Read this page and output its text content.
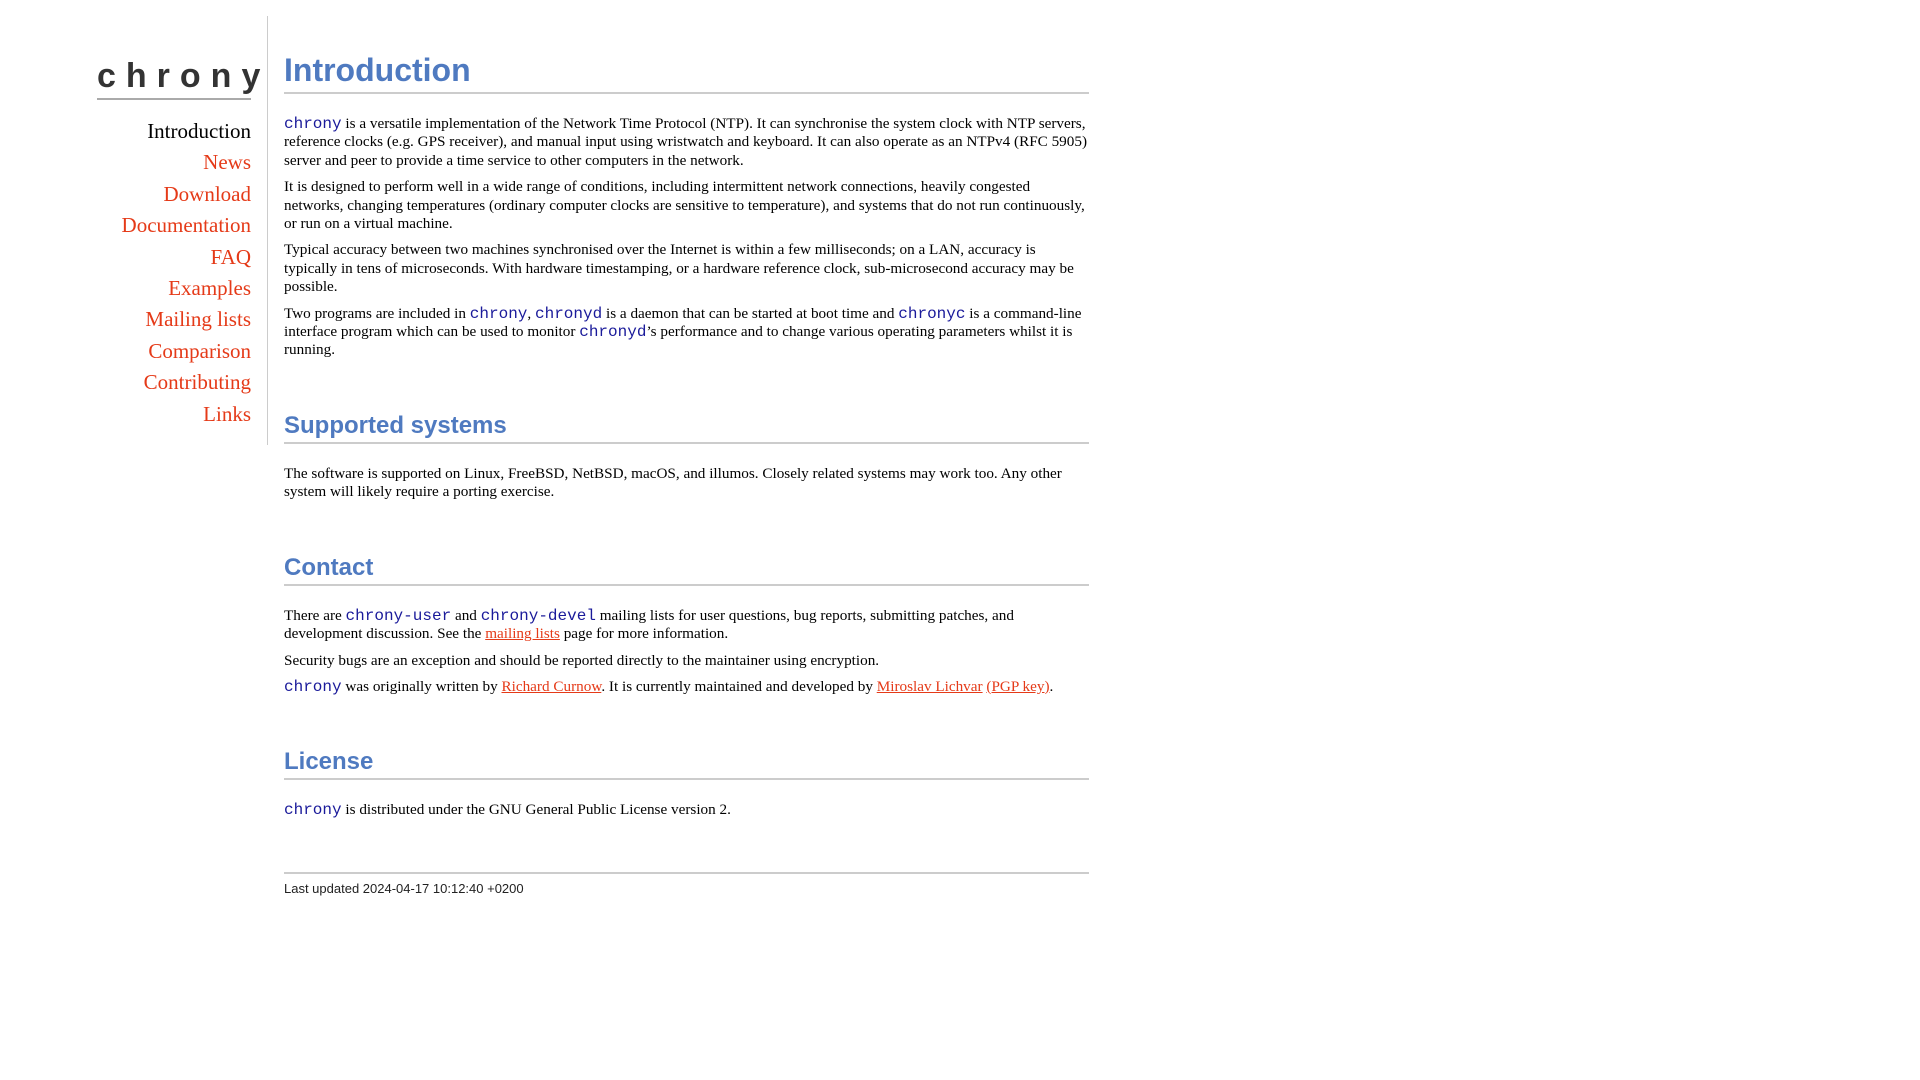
chrony
Introduction
News
Download
Documentation
FAQ
Examples
Mailing lists
Comparison
Contributing
Links
Introduction

chrony is a versatile implementation of the Network Time Protocol (NTP). It can synchronise the system clock with NTP servers, reference clocks (e.g. GPS receiver), and manual input using wristwatch and keyboard. It can also operate as an NTPv4 (RFC 5905) server and peer to provide a time service to other computers in the network.

It is designed to perform well in a wide range of conditions, including intermittent network connections, heavily congested networks, changing temperatures (ordinary computer clocks are sensitive to temperature), and systems that do not run continuously, or run on a virtual machine.

Typical accuracy between two machines synchronised over the Internet is within a few milliseconds; on a LAN, accuracy is typically in tens of microseconds. With hardware timestamping, or a hardware reference clock, sub-microsecond accuracy may be possible.

Two programs are included in chrony, chronyd is a daemon that can be started at boot time and chronyc is a command-line interface program which can be used to monitor chronyd’s performance and to change various operating parameters whilst it is running.

Supported systems

The software is supported on Linux, FreeBSD, NetBSD, macOS, and illumos. Closely related systems may work too. Any other system will likely require a porting exercise.

Contact

There are chrony-user and chrony-devel mailing lists for user questions, bug reports, submitting patches, and development discussion. See the mailing lists page for more information.

Security bugs are an exception and should be reported directly to the maintainer using encryption.

chrony was originally written by Richard Curnow. It is currently maintained and developed by Miroslav Lichvar (PGP key).

License

chrony is distributed under the GNU General Public License version 2.

Last updated 2024-04-17 10:12:40 +0200
